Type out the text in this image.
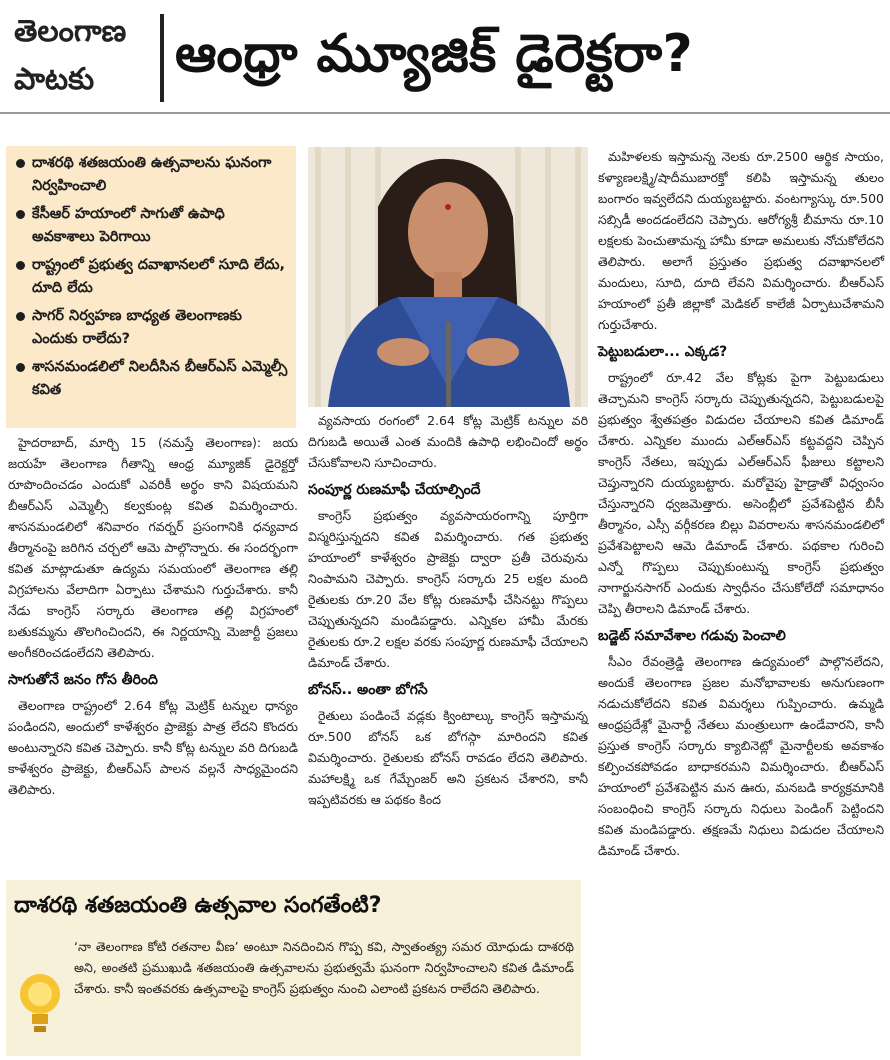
తెలంగాణ
పాటకు	ఆంధ్రా మ్యూజిక్ డైరెక్టరా?
దాశరథి శతజయంతి ఉత్సవాలను ఘనంగా నిర్వహించాలి
కేసీఆర్ హయాంలో సాగుతో ఉపాధి అవకాశాలు పెరిగాయి
రాష్ట్రంలో ప్రభుత్వ దవాఖానలలో సూది లేదు, దూది లేదు
సాగర్ నిర్వహణ బాధ్యత తెలంగాణకు ఎందుకు రాలేదు?
శాసనమండలిలో నిలదీసిన బీఆర్ఎస్ ఎమ్మెల్సీ కవిత

హైదరాబాద్, మార్చి 15 (నమస్తే తెలంగాణ): జయ జయహే తెలంగాణ గీతాన్ని ఆంధ్ర మ్యూజిక్ డైరెక్టర్తో రూపొందించడం ఎందుకో ఎవరికీ అర్థం కాని విషయమని బీఆర్ఎస్ ఎమ్మెల్సీ కల్వకుంట్ల కవిత విమర్శించారు. శాసనమండలిలో శనివారం గవర్నర్ ప్రసంగానికి ధన్యవాద తీర్మానంపై జరిగిన చర్చలో ఆమె పాల్గొన్నారు. ఈ సందర్భంగా కవిత మాట్లాడుతూ ఉద్యమ సమయంలో తెలంగాణ తల్లి విగ్రహాలను వేలాదిగా ఏర్పాటు చేశామని గుర్తుచేశారు. కానీ నేడు కాంగ్రెస్ సర్కారు తెలంగాణ తల్లి విగ్రహంలో బతుకమ్మను తొలగించిందని, ఈ నిర్ణయాన్ని మెజార్టీ ప్రజలు అంగీకరించడంలేదని తెలిపారు.

సాగుతోనే జనం గోస తీరింది

తెలంగాణ రాష్ట్రంలో 2.64 కోట్ల మెట్రిక్ టన్నుల ధాన్యం పండిందని, అందులో కాళేశ్వరం ప్రాజెక్టు పాత్ర లేదని కొందరు అంటున్నారని కవిత చెప్పారు. కానీ కోట్ల టన్నుల వరి దిగుబడి కాళేశ్వరం ప్రాజెక్టు, బీఆర్ఎస్ పాలన వల్లనే సాధ్యమైందని తెలిపారు.

వ్యవసాయ రంగంలో 2.64 కోట్ల మెట్రిక్ టన్నుల వరి దిగుబడి అయితే ఎంత మందికి ఉపాధి లభించిందో అర్థం చేసుకోవాలని సూచించారు.

సంపూర్ణ రుణమాఫీ చేయాల్సిందే

కాంగ్రెస్ ప్రభుత్వం వ్యవసాయరంగాన్ని పూర్తిగా విస్మరిస్తున్నదని కవిత విమర్శించారు. గత ప్రభుత్వ హయాంలో కాళేశ్వరం ప్రాజెక్టు ద్వారా ప్రతీ చెరువును నింపామని చెప్పారు. కాంగ్రెస్ సర్కారు 25 లక్షల మంది రైతులకు రూ.20 వేల కోట్ల రుణమాఫీ చేసినట్టు గొప్పలు చెప్పుతున్నదని మండిపడ్డారు. ఎన్నికల హామీ మేరకు రైతులకు రూ.2 లక్షల వరకు సంపూర్ణ రుణమాఫీ చేయాలని డిమాండ్ చేశారు.

బోనస్.. అంతా బోగసే

రైతులు పండించే వడ్లకు క్వింటాల్కు కాంగ్రెస్ ఇస్తామన్న రూ.500 బోనస్ ఒక బోగస్గా మారిందని కవిత విమర్శించారు. రైతులకు బోనస్ రావడం లేదని తెలిపారు. మహాలక్ష్మి ఒక గేమ్చేంజర్ అని ప్రకటన చేశారని, కానీ ఇప్పటివరకు ఆ పథకం కింద

మహిళలకు ఇస్తామన్న నెలకు రూ.2500 ఆర్థిక సాయం, కళ్యాణలక్ష్మి/షాదీముబారక్తో కలిపి ఇస్తామన్న తులం బంగారం ఇవ్వలేదని దుయ్యబట్టారు. వంటగ్యాస్కు రూ.500 సబ్సిడీ అందడంలేదని చెప్పారు. ఆరోగ్యశ్రీ బీమాను రూ.10 లక్షలకు పెంచుతామన్న హామీ కూడా అమలుకు నోచుకోలేదని తెలిపారు. అలాగే ప్రస్తుతం ప్రభుత్వ దవాఖానలలో మందులు, సూది, దూది లేవని విమర్శించారు. బీఆర్ఎస్ హయాంలో ప్రతీ జిల్లాకో మెడికల్ కాలేజీ ఏర్పాటుచేశామని గుర్తుచేశారు.

పెట్టుబడులా... ఎక్కడ?

రాష్ట్రంలో రూ.42 వేల కోట్లకు పైగా పెట్టుబడులు తెచ్చామని కాంగ్రెస్ సర్కారు చెప్పుతున్నదని, పెట్టుబడులపై ప్రభుత్వం శ్వేతపత్రం విడుదల చేయాలని కవిత డిమాండ్ చేశారు. ఎన్నికల ముందు ఎల్ఆర్ఎస్ కట్టవద్దని చెప్పిన కాంగ్రెస్ నేతలు, ఇప్పుడు ఎల్ఆర్ఎస్ ఫీజులు కట్టాలని చెప్తున్నారని దుయ్యబట్టారు. మరోవైపు హైడ్రాతో విధ్వంసం చేస్తున్నారని ధ్వజమెత్తారు. అసెంబ్లీలో ప్రవేశపెట్టిన బీసీ తీర్మానం, ఎస్సీ వర్గీకరణ బిల్లు వివరాలను శాసనమండలిలో ప్రవేశపెట్టాలని ఆమె డిమాండ్ చేశారు. పథకాల గురించి ఎన్నో గొప్పలు చెప్పుకుంటున్న కాంగ్రెస్ ప్రభుత్వం నాగార్జునసాగర్ ఎందుకు స్వాధీనం చేసుకోలేదో సమాధానం చెప్పి తీరాలని డిమాండ్ చేశారు.

బడ్జెట్ సమావేశాల గడువు పెంచాలి

సీఎం రేవంత్రెడ్డి తెలంగాణ ఉద్యమంలో పాల్గొనలేదని, అందుకే తెలంగాణ ప్రజల మనోభావాలకు అనుగుణంగా నడుచుకోలేదని కవిత విమర్శలు గుప్పించారు. ఉమ్మడి ఆంధ్రప్రదేశ్లో మైనార్టీ నేతలు మంత్రులుగా ఉండేవారని, కానీ ప్రస్తుత కాంగ్రెస్ సర్కారు క్యాబినెట్లో మైనార్టీలకు అవకాశం కల్పించకపోవడం బాధాకరమని విమర్శించారు. బీఆర్ఎస్ హయాంలో ప్రవేశపెట్టిన మన ఊరు, మనబడి కార్యక్రమానికి సంబంధించి కాంగ్రెస్ సర్కారు నిధులు పెండింగ్ పెట్టిందని కవిత మండిపడ్డారు. తక్షణమే నిధులు విడుదల చేయాలని డిమాండ్ చేశారు.

దాశరథి శతజయంతి ఉత్సవాల సంగతేంటి?
‘నా తెలంగాణ కోటి రతనాల వీణ’ అంటూ నినదించిన గొప్ప కవి, స్వాతంత్య్ర సమర యోధుడు దాశరథి అని, అంతటి ప్రముఖుడి శతజయంతి ఉత్సవాలను ప్రభుత్వమే ఘనంగా నిర్వహించాలని కవిత డిమాండ్ చేశారు. కానీ ఇంతవరకు ఉత్సవాలపై కాంగ్రెస్ ప్రభుత్వం నుంచి ఎలాంటి ప్రకటన రాలేదని తెలిపారు.
